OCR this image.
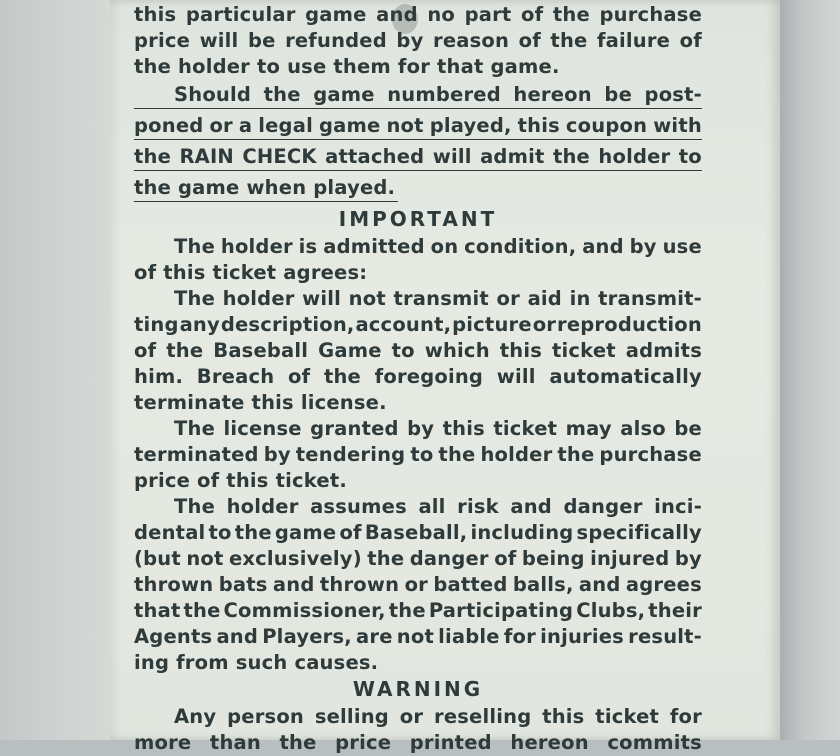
this particular game and no part of the purchase
price will be refunded by reason of the failure of
the holder to use them for that game.
Should the game numbered hereon be post-
poned or a legal game not played, this coupon with
the RAIN CHECK attached will admit the holder to
the game when played.
IMPORTANT
The holder is admitted on condition, and by use
of this ticket agrees:
The holder will not transmit or aid in transmit-
ting any description, account, picture or reproduction
of the Baseball Game to which this ticket admits
him. Breach of the foregoing will automatically
terminate this license.
The license granted by this ticket may also be
terminated by tendering to the holder the purchase
price of this ticket.
The holder assumes all risk and danger inci-
dental to the game of Baseball, including specifically
(but not exclusively) the danger of being injured by
thrown bats and thrown or batted balls, and agrees
that the Commissioner, the Participating Clubs, their
Agents and Players, are not liable for injuries result-
ing from such causes.
WARNING
Any person selling or reselling this ticket for
more than the price printed hereon commits
